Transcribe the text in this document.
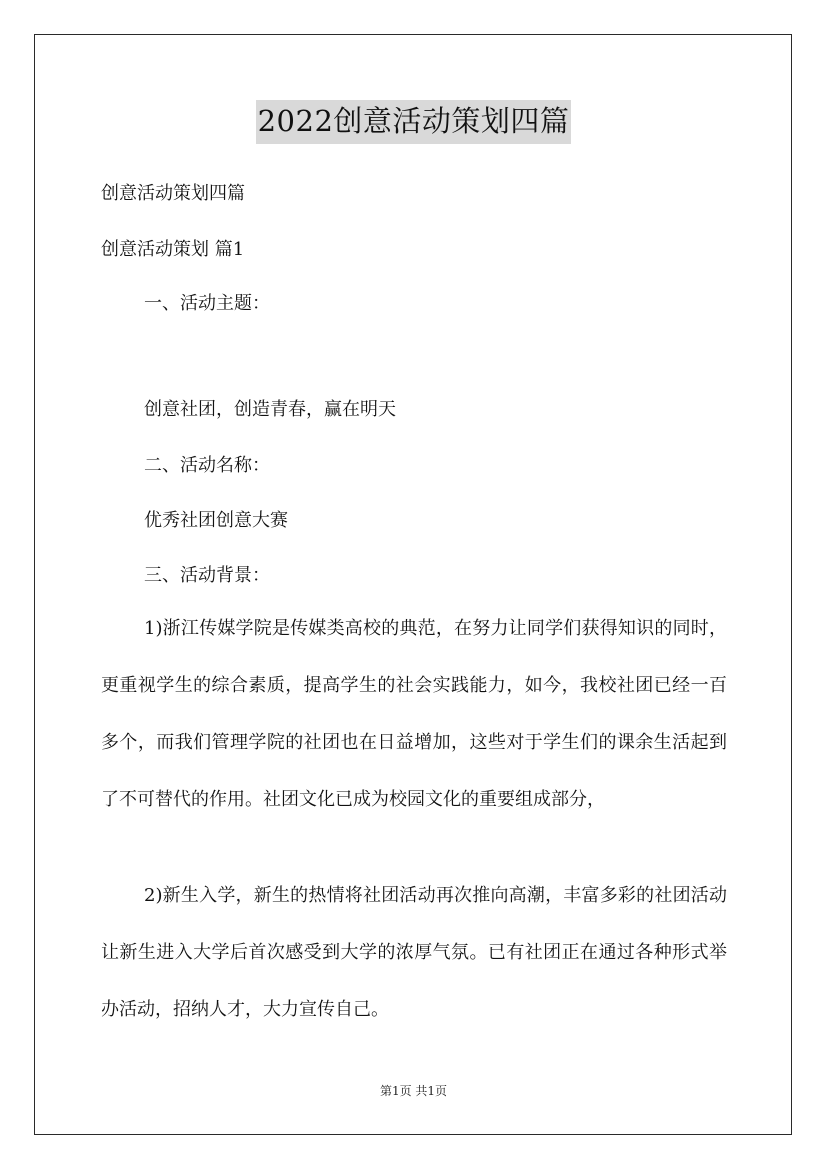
2022创意活动策划四篇
创意活动策划四篇
创意活动策划 篇1
一、活动主题：
创意社团，创造青春，赢在明天
二、活动名称：
优秀社团创意大赛
三、活动背景：
1)浙江传媒学院是传媒类高校的典范，在努力让同学们获得知识的同时，更重视学生的综合素质，提高学生的社会实践能力，如今，我校社团已经一百多个，而我们管理学院的社团也在日益增加，这些对于学生们的课余生活起到了不可替代的作用。社团文化已成为校园文化的重要组成部分，
2)新生入学，新生的热情将社团活动再次推向高潮，丰富多彩的社团活动让新生进入大学后首次感受到大学的浓厚气氛。已有社团正在通过各种形式举办活动，招纳人才，大力宣传自己。
第1页 共1页
